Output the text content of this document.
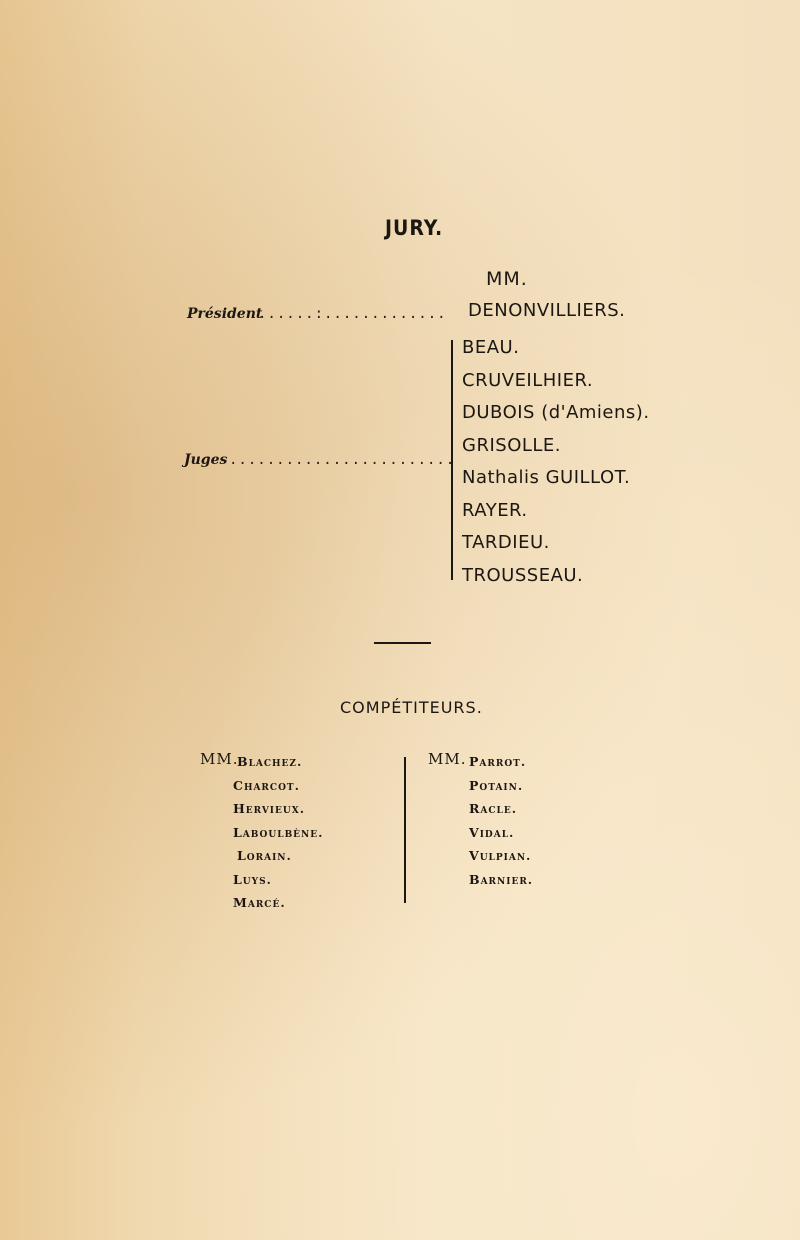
JURY.
MM.
Président
......:............. DENONVILLIERS.
Juges ........................
BEAU.
CRUVEILHIER.
DUBOIS (d'Amiens).
GRISOLLE.
Nathalis GUILLOT.
RAYER.
TARDIEU.
TROUSSEAU.
COMPÉTITEURS.
MM.
Blachez.
Charcot.
Hervieux.
Laboulbène.
Lorain.
Luys.
Marcé.
MM. Parrot.
Potain.
Racle.
Vidal.
Vulpian.
Barnier.
